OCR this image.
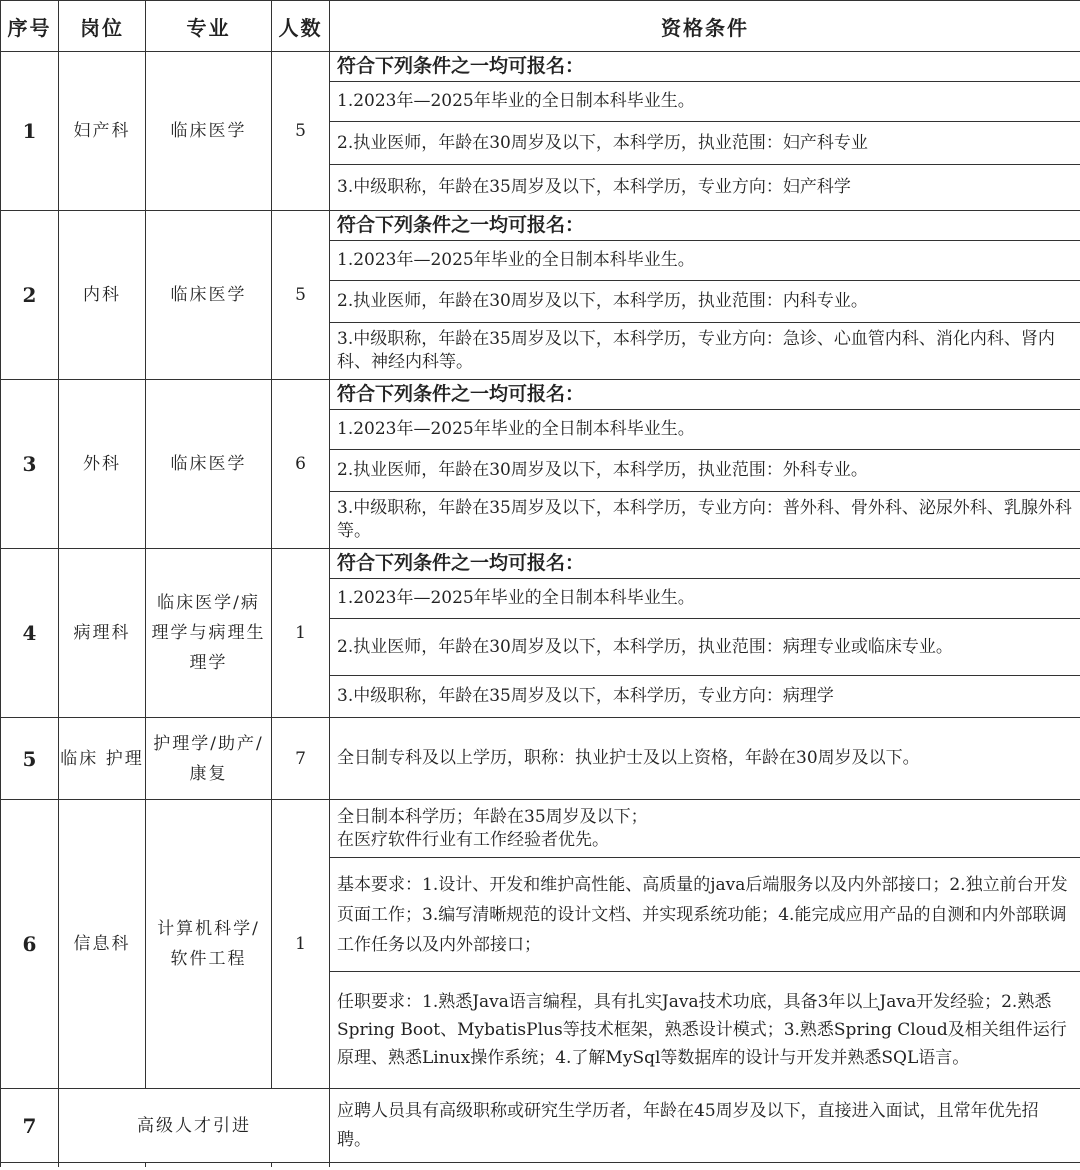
序号	岗位	专业	人数	资格条件
1	妇产科	临床医学	5	符合下列条件之一均可报名：
				1.2023年—2025年毕业的全日制本科毕业生。
				2.执业医师，年龄在30周岁及以下，本科学历，执业范围：妇产科专业
				3.中级职称，年龄在35周岁及以下，本科学历，专业方向：妇产科学
2	内科	临床医学	5	符合下列条件之一均可报名：
				1.2023年—2025年毕业的全日制本科毕业生。
				2.执业医师，年龄在30周岁及以下，本科学历，执业范围：内科专业。
				3.中级职称，年龄在35周岁及以下，本科学历，专业方向：急诊、心血管内科、消化内科、肾内科、神经内科等。
3	外科	临床医学	6	符合下列条件之一均可报名：
				1.2023年—2025年毕业的全日制本科毕业生。
				2.执业医师，年龄在30周岁及以下，本科学历，执业范围：外科专业。
				3.中级职称，年龄在35周岁及以下，本科学历，专业方向：普外科、骨外科、泌尿外科、乳腺外科等。
4	病理科	临床医学/病理学与病理生理学	1	符合下列条件之一均可报名：
				1.2023年—2025年毕业的全日制本科毕业生。
				2.执业医师，年龄在30周岁及以下，本科学历，执业范围：病理专业或临床专业。
				3.中级职称，年龄在35周岁及以下，本科学历，专业方向：病理学
5	临床 护理	护理学/助产/康复	7	全日制专科及以上学历，职称：执业护士及以上资格，年龄在30周岁及以下。
6	信息科	计算机科学/软件工程	1	全日制本科学历；年龄在35周岁及以下；
在医疗软件行业有工作经验者优先。

				基本要求：1.设计、开发和维护高性能、高质量的java后端服务以及内外部接口；2.独立前台开发页面工作；3.编写清晰规范的设计文档、并实现系统功能；4.能完成应用产品的自测和内外部联调工作任务以及内外部接口；
				任职要求：1.熟悉Java语言编程，具有扎实Java技术功底，具备3年以上Java开发经验；2.熟悉Spring Boot、MybatisPlus等技术框架，熟悉设计模式；3.熟悉Spring Cloud及相关组件运行原理、熟悉Linux操作系统；4.了解MySql等数据库的设计与开发并熟悉SQL语言。
7	高级人才引进			应聘人员具有高级职称或研究生学历者，年龄在45周岁及以下，直接进入面试，且常年优先招聘。
